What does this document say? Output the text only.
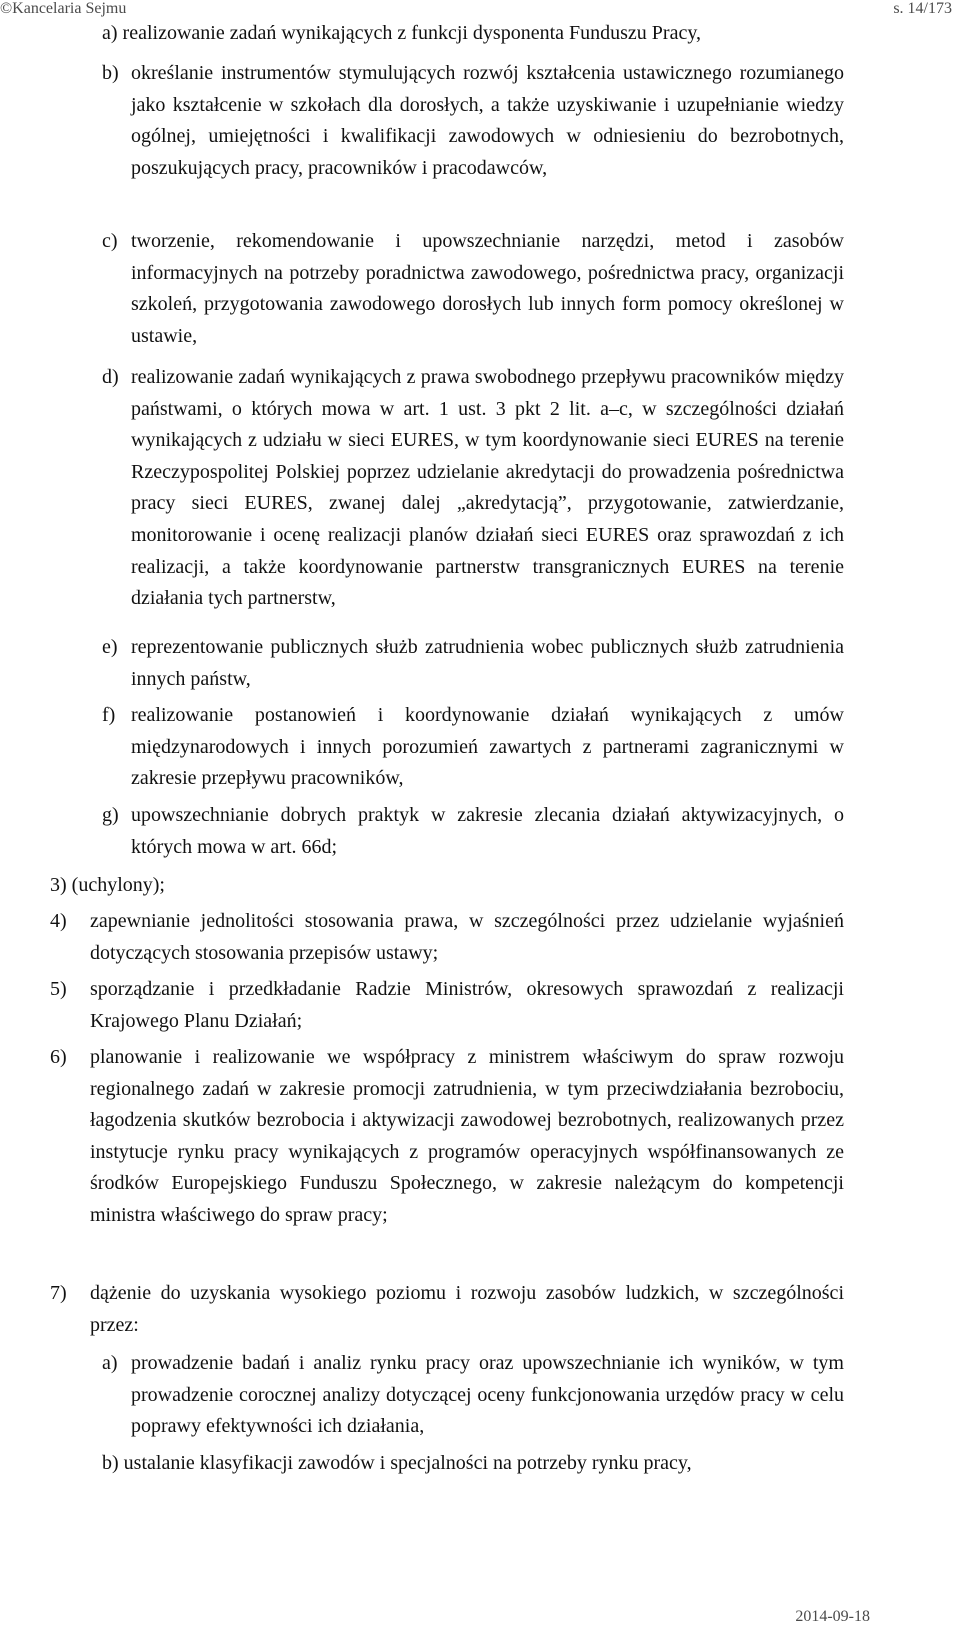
©Kancelaria Sejmu	s. 14/173
a) realizowanie zadań wynikających z funkcji dysponenta Funduszu Pracy,
b) określanie instrumentów stymulujących rozwój kształcenia ustawicznego rozumianego jako kształcenie w szkołach dla dorosłych, a także uzyskiwanie i uzupełnianie wiedzy ogólnej, umiejętności i kwalifikacji zawodowych w odniesieniu do bezrobotnych, poszukujących pracy, pracowników i pracodawców,
c) tworzenie, rekomendowanie i upowszechnianie narzędzi, metod i zasobów informacyjnych na potrzeby poradnictwa zawodowego, pośrednictwa pracy, organizacji szkoleń, przygotowania zawodowego dorosłych lub innych form pomocy określonej w ustawie,
d) realizowanie zadań wynikających z prawa swobodnego przepływu pracowników między państwami, o których mowa w art. 1 ust. 3 pkt 2 lit. a–c, w szczególności działań wynikających z udziału w sieci EURES, w tym koordynowanie sieci EURES na terenie Rzeczypospolitej Polskiej poprzez udzielanie akredytacji do prowadzenia pośrednictwa pracy sieci EURES, zwanej dalej „akredytacją”, przygotowanie, zatwierdzanie, monitorowanie i ocenę realizacji planów działań sieci EURES oraz sprawozdań z ich realizacji, a także koordynowanie partnerstw transgranicznych EURES na terenie działania tych partnerstw,
e) reprezentowanie publicznych służb zatrudnienia wobec publicznych służb zatrudnienia innych państw,
f) realizowanie postanowień i koordynowanie działań wynikających z umów międzynarodowych i innych porozumień zawartych z partnerami zagranicznymi w zakresie przepływu pracowników,
g) upowszechnianie dobrych praktyk w zakresie zlecania działań aktywizacyjnych, o których mowa w art. 66d;
3) (uchylony);
4)	zapewnianie jednolitości stosowania prawa, w szczególności przez udzielanie wyjaśnień dotyczących stosowania przepisów ustawy;
5)	sporządzanie i przedkładanie Radzie Ministrów, okresowych sprawozdań z realizacji Krajowego Planu Działań;
6)	planowanie i realizowanie we współpracy z ministrem właściwym do spraw rozwoju regionalnego zadań w zakresie promocji zatrudnienia, w tym przeciwdziałania bezrobociu, łagodzenia skutków bezrobocia i aktywizacji zawodowej bezrobotnych, realizowanych przez instytucje rynku pracy wynikających z programów operacyjnych współfinansowanych ze środków Europejskiego Funduszu Społecznego, w zakresie należącym do kompetencji ministra właściwego do spraw pracy;
7)	dążenie do uzyskania wysokiego poziomu i rozwoju zasobów ludzkich, w szczególności przez:
a) prowadzenie badań i analiz rynku pracy oraz upowszechnianie ich wyników, w tym prowadzenie corocznej analizy dotyczącej oceny funkcjonowania urzędów pracy w celu poprawy efektywności ich działania,
b) ustalanie klasyfikacji zawodów i specjalności na potrzeby rynku pracy,
2014-09-18
